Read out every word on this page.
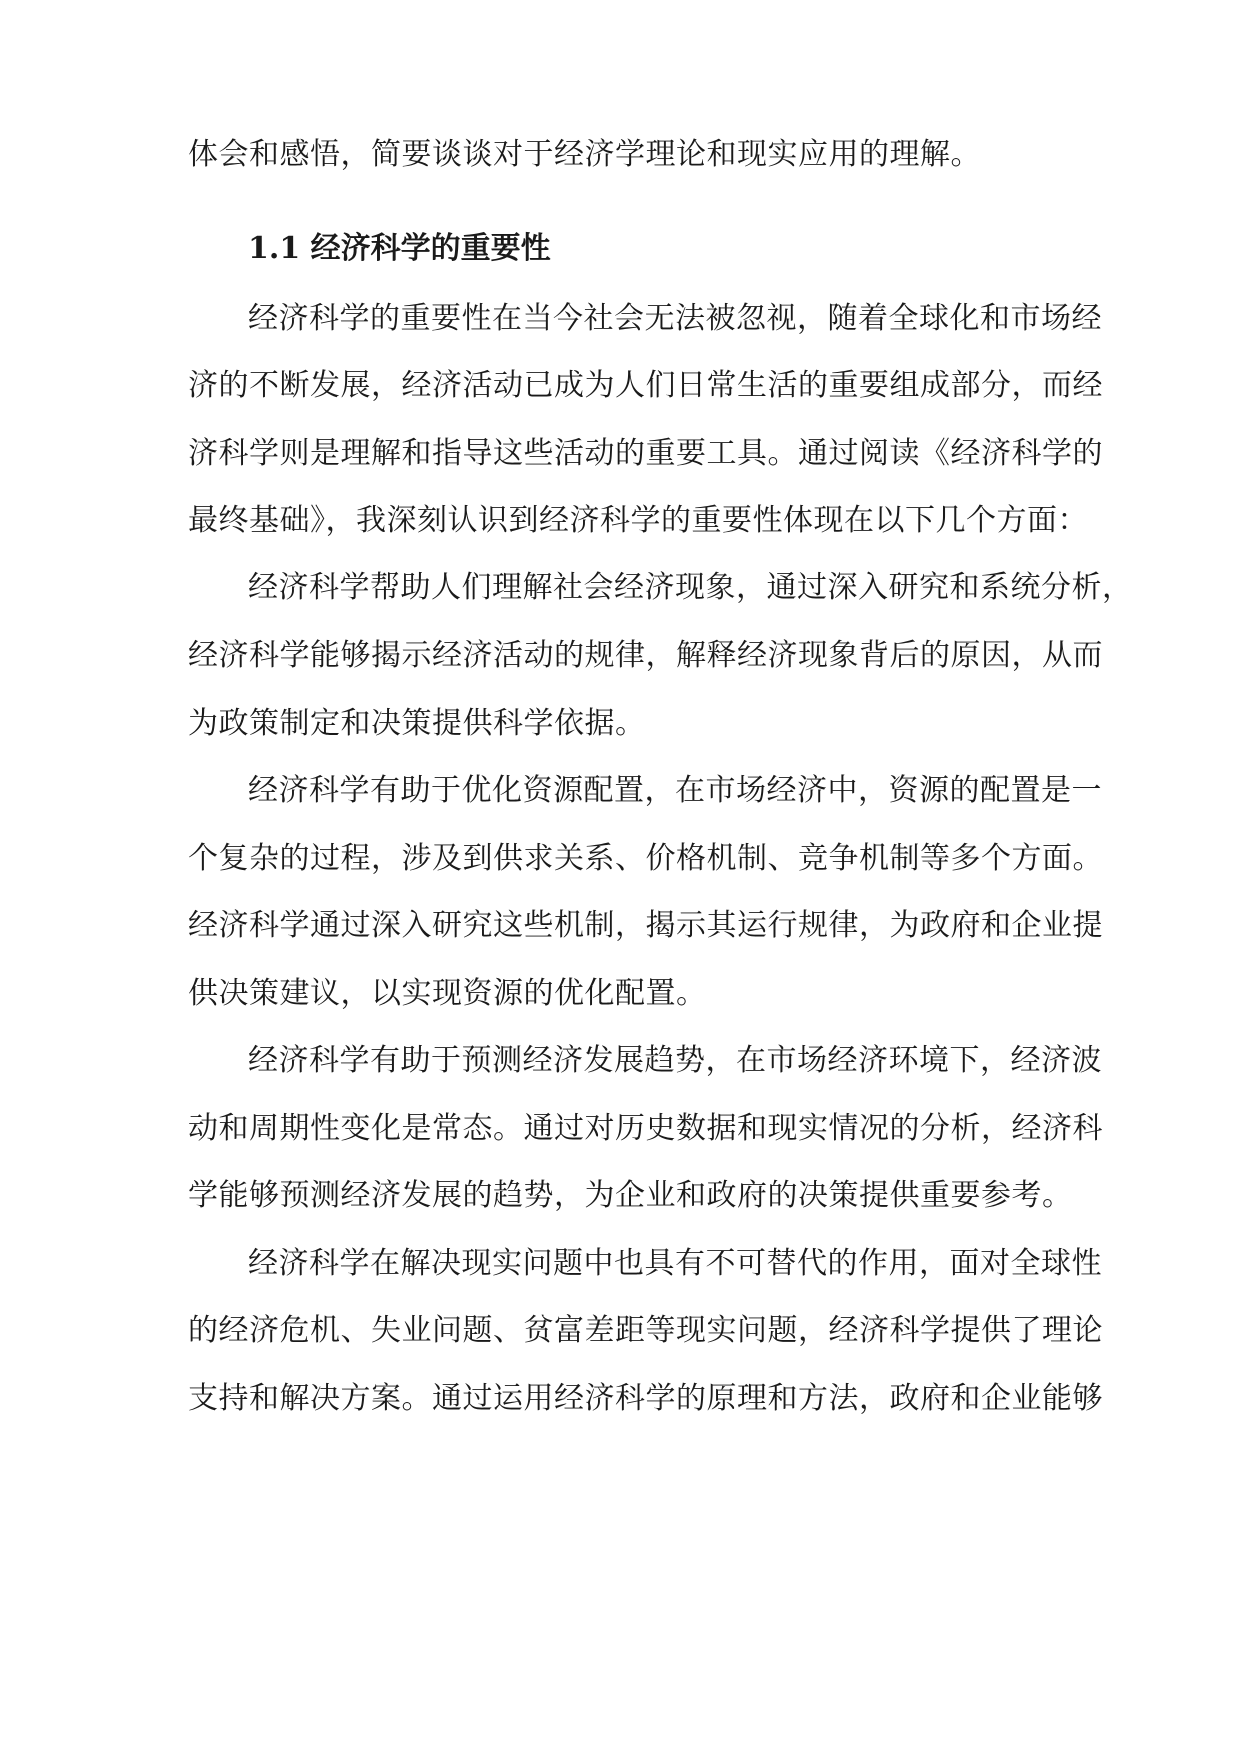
体会和感悟，简要谈谈对于经济学理论和现实应用的理解。
1.1 经济科学的重要性
经济科学的重要性在当今社会无法被忽视，随着全球化和市场经
济的不断发展，经济活动已成为人们日常生活的重要组成部分，而经
济科学则是理解和指导这些活动的重要工具。通过阅读《经济科学的
最终基础》，我深刻认识到经济科学的重要性体现在以下几个方面：
经济科学帮助人们理解社会经济现象，通过深入研究和系统分析，
经济科学能够揭示经济活动的规律，解释经济现象背后的原因，从而
为政策制定和决策提供科学依据。
经济科学有助于优化资源配置，在市场经济中，资源的配置是一
个复杂的过程，涉及到供求关系、价格机制、竞争机制等多个方面。
经济科学通过深入研究这些机制，揭示其运行规律，为政府和企业提
供决策建议，以实现资源的优化配置。
经济科学有助于预测经济发展趋势，在市场经济环境下，经济波
动和周期性变化是常态。通过对历史数据和现实情况的分析，经济科
学能够预测经济发展的趋势，为企业和政府的决策提供重要参考。
经济科学在解决现实问题中也具有不可替代的作用，面对全球性
的经济危机、失业问题、贫富差距等现实问题，经济科学提供了理论
支持和解决方案。通过运用经济科学的原理和方法，政府和企业能够
